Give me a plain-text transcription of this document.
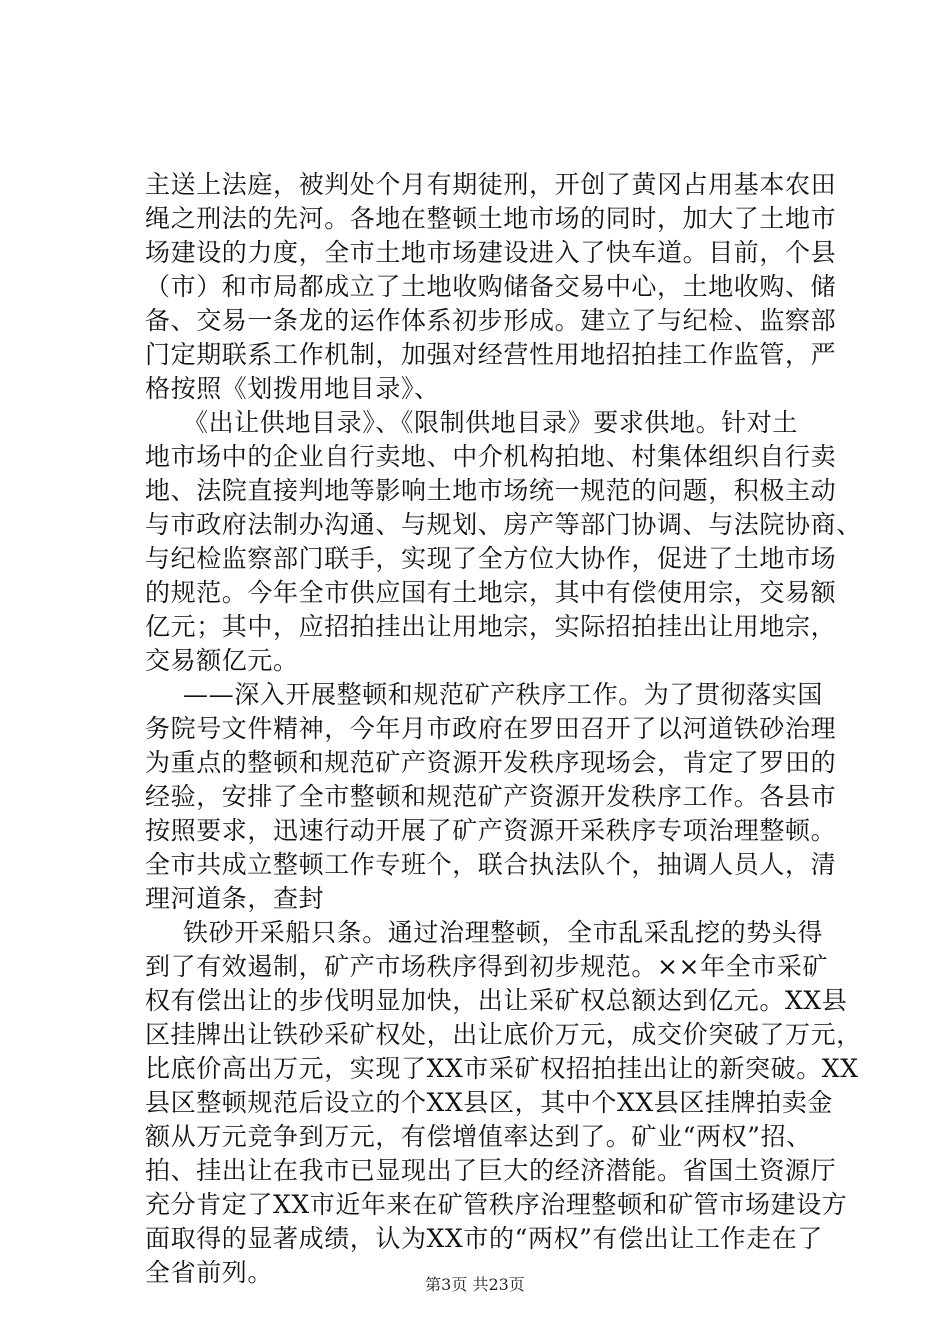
主送上法庭，被判处个月有期徒刑，开创了黄冈占用基本农田
绳之刑法的先河。各地在整顿土地市场的同时，加大了土地市
场建设的力度，全市土地市场建设进入了快车道。目前，个县
（市）和市局都成立了土地收购储备交易中心，土地收购、储
备、交易一条龙的运作体系初步形成。建立了与纪检、监察部
门定期联系工作机制，加强对经营性用地招拍挂工作监管，严
格按照《划拨用地目录》、
《出让供地目录》、《限制供地目录》要求供地。针对土
地市场中的企业自行卖地、中介机构拍地、村集体组织自行卖
地、法院直接判地等影响土地市场统一规范的问题，积极主动
与市政府法制办沟通、与规划、房产等部门协调、与法院协商、
与纪检监察部门联手，实现了全方位大协作，促进了土地市场
的规范。今年全市供应国有土地宗，其中有偿使用宗，交易额
亿元；其中，应招拍挂出让用地宗，实际招拍挂出让用地宗，
交易额亿元。
——深入开展整顿和规范矿产秩序工作。为了贯彻落实国
务院号文件精神，今年月市政府在罗田召开了以河道铁砂治理
为重点的整顿和规范矿产资源开发秩序现场会，肯定了罗田的
经验，安排了全市整顿和规范矿产资源开发秩序工作。各县市
按照要求，迅速行动开展了矿产资源开采秩序专项治理整顿。
全市共成立整顿工作专班个，联合执法队个，抽调人员人，清
理河道条，查封
铁砂开采船只条。通过治理整顿，全市乱采乱挖的势头得
到了有效遏制，矿产市场秩序得到初步规范。××年全市采矿
权有偿出让的步伐明显加快，出让采矿权总额达到亿元。XX县
区挂牌出让铁砂采矿权处，出让底价万元，成交价突破了万元，
比底价高出万元，实现了XX市采矿权招拍挂出让的新突破。XX
县区整顿规范后设立的个XX县区，其中个XX县区挂牌拍卖金
额从万元竞争到万元，有偿增值率达到了。矿业“两权”招、
拍、挂出让在我市已显现出了巨大的经济潜能。省国土资源厅
充分肯定了XX市近年来在矿管秩序治理整顿和矿管市场建设方
面取得的显著成绩，认为XX市的“两权”有偿出让工作走在了
全省前列。	第3页 共23页
